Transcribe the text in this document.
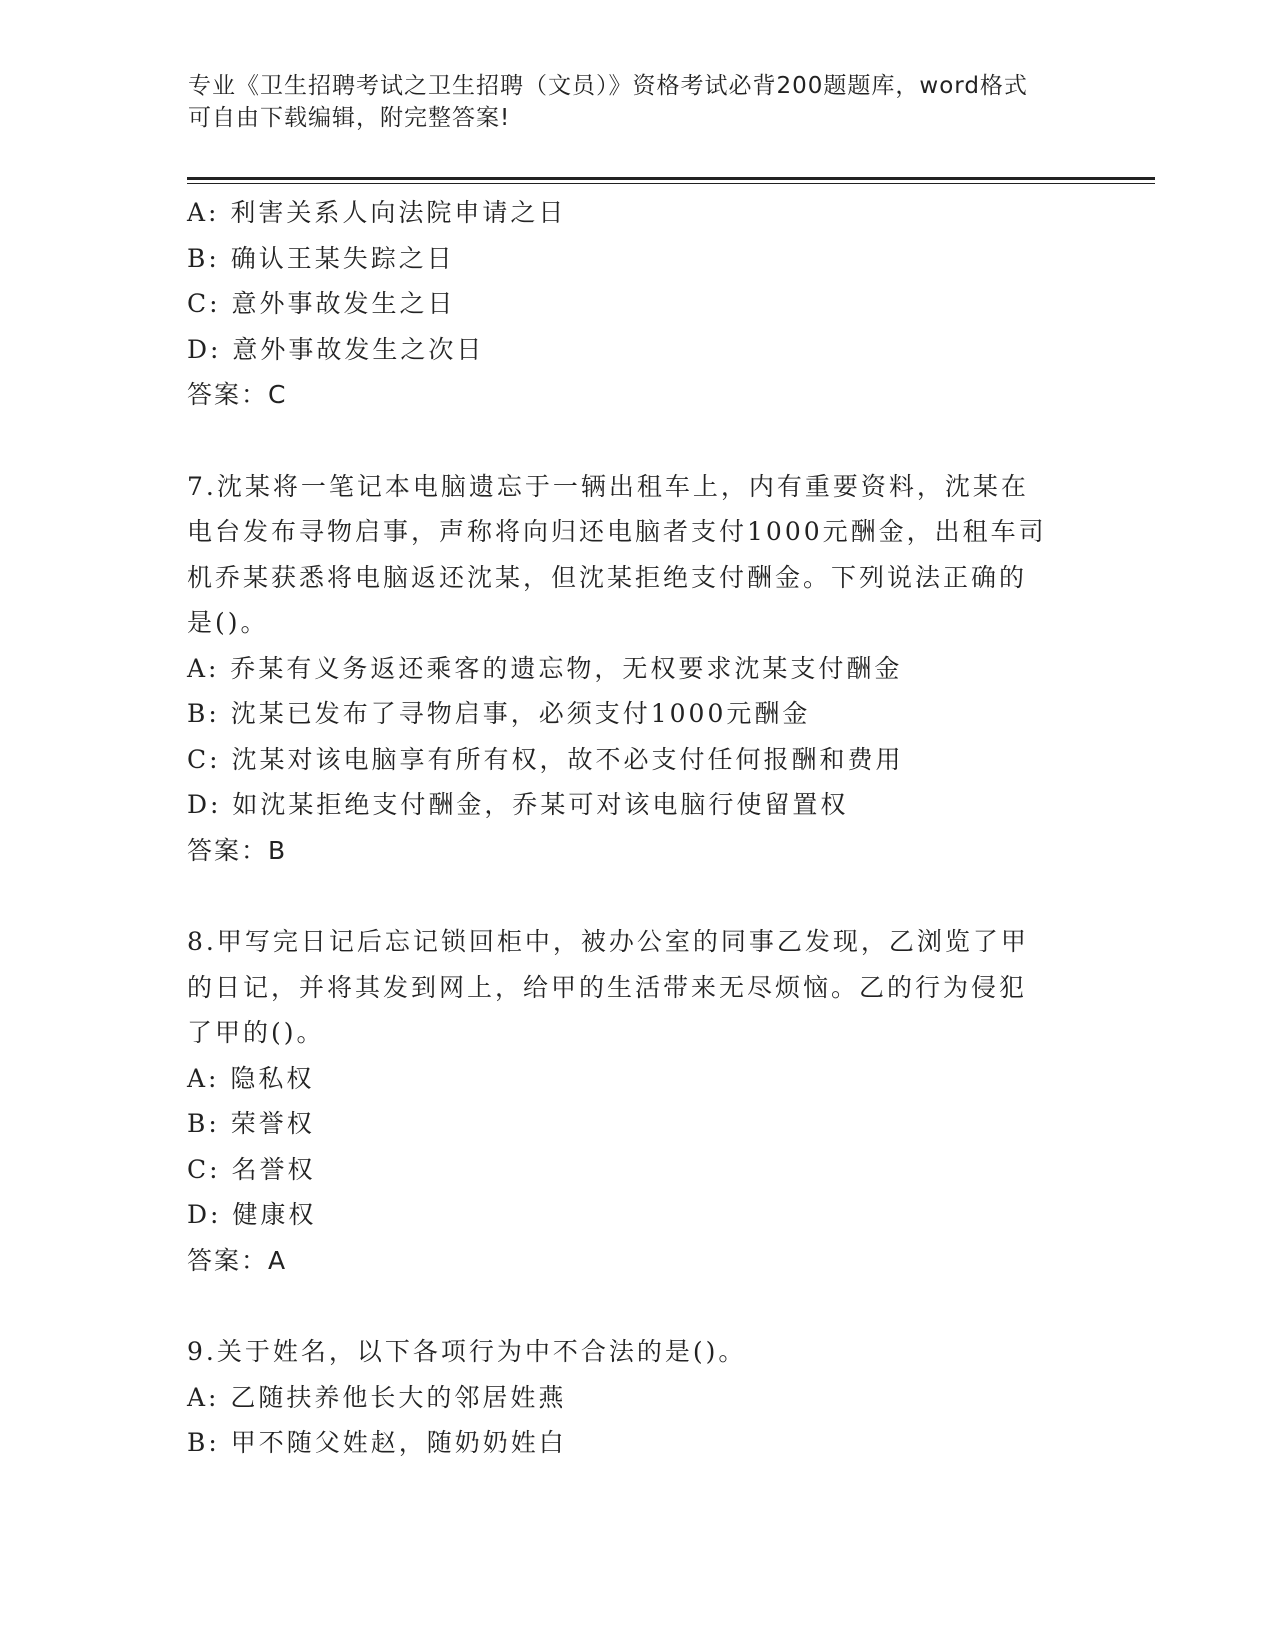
专业《卫生招聘考试之卫生招聘（文员）》资格考试必背200题题库，word格式
可自由下载编辑，附完整答案!
A: 利害关系人向法院申请之日
B: 确认王某失踪之日
C: 意外事故发生之日
D: 意外事故发生之次日
答案：C
7.沈某将一笔记本电脑遗忘于一辆出租车上，内有重要资料，沈某在
电台发布寻物启事，声称将向归还电脑者支付1000元酬金，出租车司
机乔某获悉将电脑返还沈某，但沈某拒绝支付酬金。下列说法正确的
是()。
A: 乔某有义务返还乘客的遗忘物，无权要求沈某支付酬金
B: 沈某已发布了寻物启事，必须支付1000元酬金
C: 沈某对该电脑享有所有权，故不必支付任何报酬和费用
D: 如沈某拒绝支付酬金，乔某可对该电脑行使留置权
答案：B
8.甲写完日记后忘记锁回柜中，被办公室的同事乙发现，乙浏览了甲
的日记，并将其发到网上，给甲的生活带来无尽烦恼。乙的行为侵犯
了甲的()。
A: 隐私权
B: 荣誉权
C: 名誉权
D: 健康权
答案：A
9.关于姓名，以下各项行为中不合法的是()。
A: 乙随扶养他长大的邻居姓燕
B: 甲不随父姓赵，随奶奶姓白
